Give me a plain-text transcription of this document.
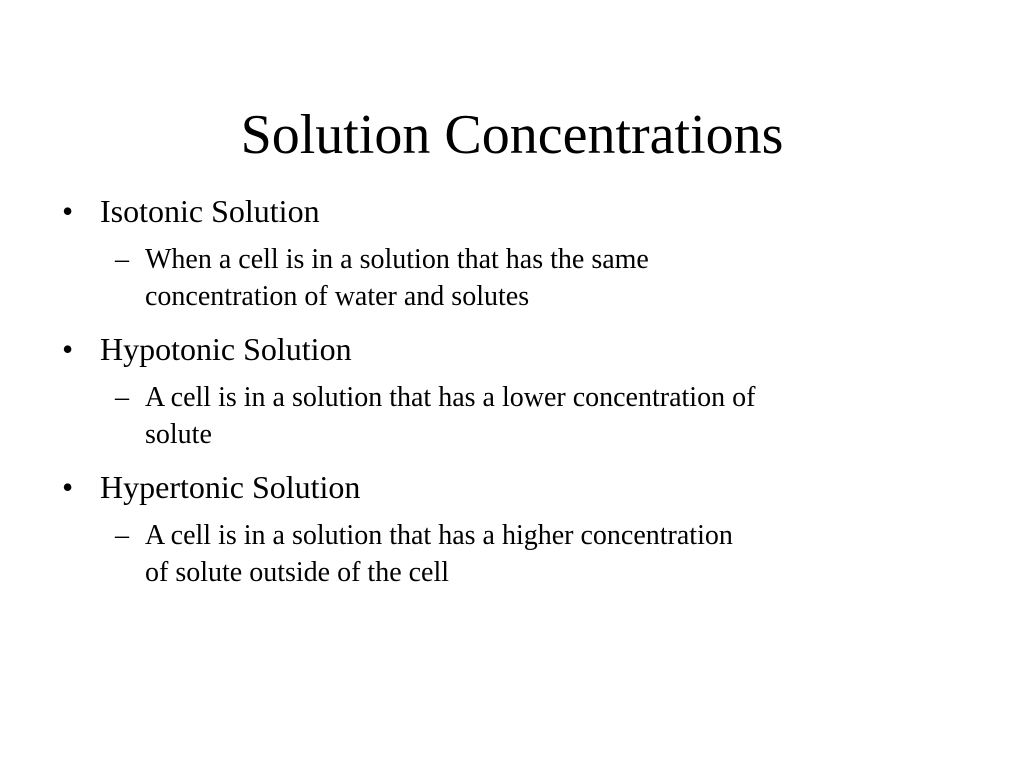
Solution Concentrations
• Isotonic Solution
– When a cell is in a solution that has the same
concentration of water and solutes
• Hypotonic Solution
– A cell is in a solution that has a lower concentration of
solute
• Hypertonic Solution
– A cell is in a solution that has a higher concentration
of solute outside of the cell
